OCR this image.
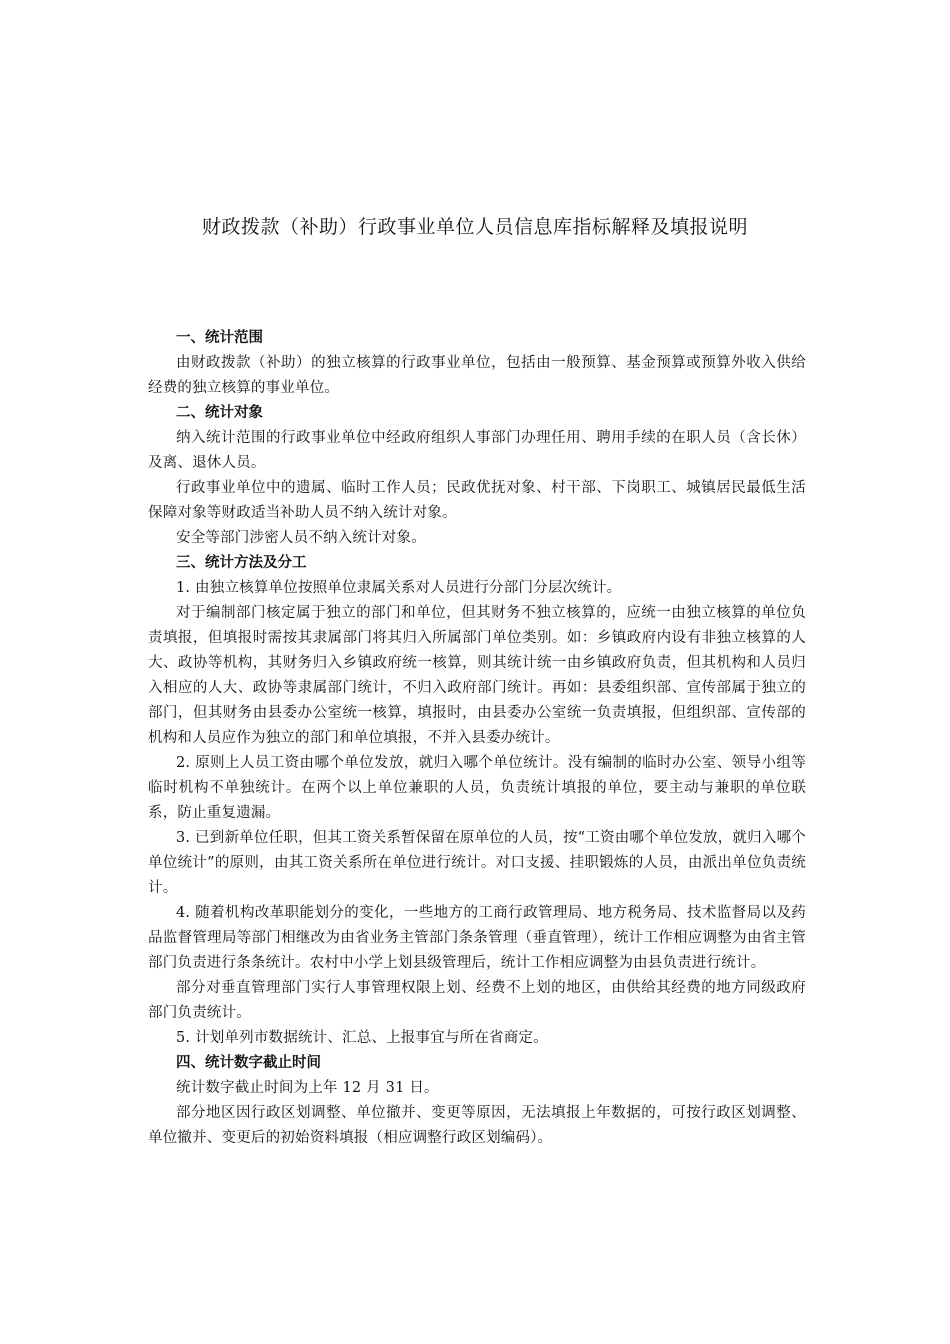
财政拨款（补助）行政事业单位人员信息库指标解释及填报说明

一、统计范围

由财政拨款（补助）的独立核算的行政事业单位，包括由一般预算、基金预算或预算外收入供给经费的独立核算的事业单位。

二、统计对象

纳入统计范围的行政事业单位中经政府组织人事部门办理任用、聘用手续的在职人员（含长休）及离、退休人员。

行政事业单位中的遗属、临时工作人员；民政优抚对象、村干部、下岗职工、城镇居民最低生活保障对象等财政适当补助人员不纳入统计对象。

安全等部门涉密人员不纳入统计对象。

三、统计方法及分工

1. 由独立核算单位按照单位隶属关系对人员进行分部门分层次统计。

对于编制部门核定属于独立的部门和单位，但其财务不独立核算的，应统一由独立核算的单位负责填报，但填报时需按其隶属部门将其归入所属部门单位类别。如：乡镇政府内设有非独立核算的人大、政协等机构，其财务归入乡镇政府统一核算，则其统计统一由乡镇政府负责，但其机构和人员归入相应的人大、政协等隶属部门统计，不归入政府部门统计。再如：县委组织部、宣传部属于独立的部门，但其财务由县委办公室统一核算，填报时，由县委办公室统一负责填报，但组织部、宣传部的机构和人员应作为独立的部门和单位填报，不并入县委办统计。

2. 原则上人员工资由哪个单位发放，就归入哪个单位统计。没有编制的临时办公室、领导小组等临时机构不单独统计。在两个以上单位兼职的人员，负责统计填报的单位，要主动与兼职的单位联系，防止重复遗漏。

3. 已到新单位任职，但其工资关系暂保留在原单位的人员，按“工资由哪个单位发放，就归入哪个单位统计”的原则，由其工资关系所在单位进行统计。对口支援、挂职锻炼的人员，由派出单位负责统计。

4. 随着机构改革职能划分的变化，一些地方的工商行政管理局、地方税务局、技术监督局以及药品监督管理局等部门相继改为由省业务主管部门条条管理（垂直管理），统计工作相应调整为由省主管部门负责进行条条统计。农村中小学上划县级管理后，统计工作相应调整为由县负责进行统计。

部分对垂直管理部门实行人事管理权限上划、经费不上划的地区，由供给其经费的地方同级政府部门负责统计。

5. 计划单列市数据统计、汇总、上报事宜与所在省商定。

四、统计数字截止时间

统计数字截止时间为上年 12 月 31 日。

部分地区因行政区划调整、单位撤并、变更等原因，无法填报上年数据的，可按行政区划调整、单位撤并、变更后的初始资料填报（相应调整行政区划编码）。
